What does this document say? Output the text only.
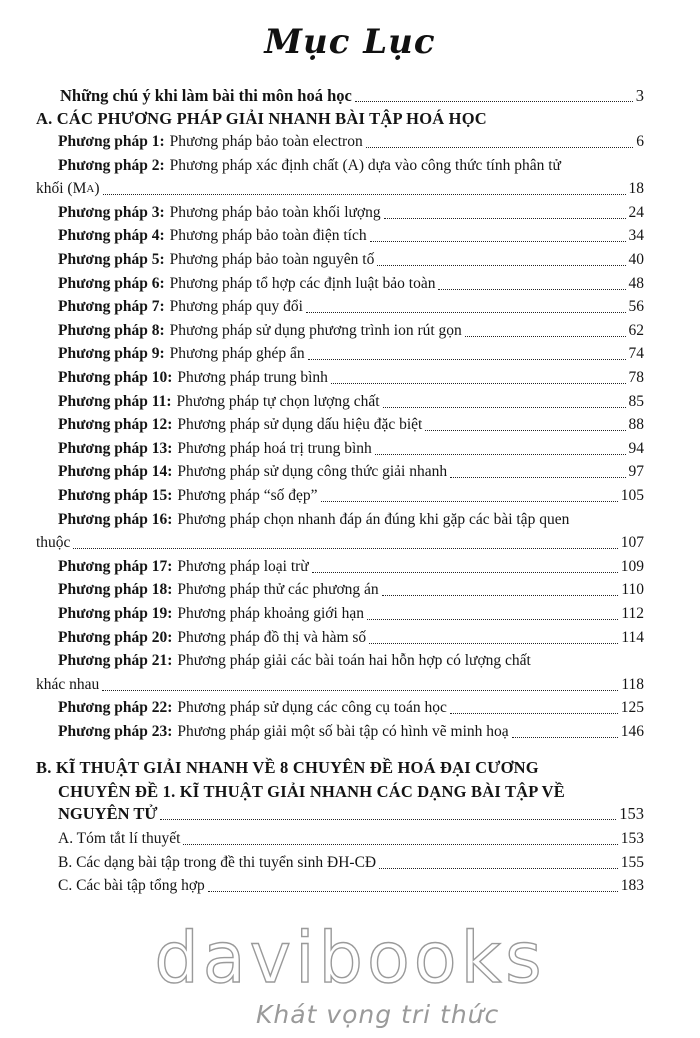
Mục Lục
Những chú ý khi làm bài thi môn hoá học	3
A. CÁC PHƯƠNG PHÁP GIẢI NHANH BÀI TẬP HOÁ HỌC
Phương pháp 1: Phương pháp bảo toàn electron	6
Phương pháp 2: Phương pháp xác định chất (A) dựa vào công thức tính phân tử
khối (M A )	18
Phương pháp 3: Phương pháp bảo toàn khối lượng	24
Phương pháp 4: Phương pháp bảo toàn điện tích	34
Phương pháp 5: Phương pháp bảo toàn nguyên tố	40
Phương pháp 6: Phương pháp tổ hợp các định luật bảo toàn	48
Phương pháp 7: Phương pháp quy đổi	56
Phương pháp 8: Phương pháp sử dụng phương trình ion rút gọn	62
Phương pháp 9: Phương pháp ghép ẩn	74
Phương pháp 10: Phương pháp trung bình	78
Phương pháp 11: Phương pháp tự chọn lượng chất	85
Phương pháp 12: Phương pháp sử dụng dấu hiệu đặc biệt	88
Phương pháp 13: Phương pháp hoá trị trung bình	94
Phương pháp 14: Phương pháp sử dụng công thức giải nhanh	97
Phương pháp 15: Phương pháp “số đẹp”	105
Phương pháp 16: Phương pháp chọn nhanh đáp án đúng khi gặp các bài tập quen
thuộc	107
Phương pháp 17: Phương pháp loại trừ	109
Phương pháp 18: Phương pháp thử các phương án	110
Phương pháp 19: Phương pháp khoảng giới hạn	112
Phương pháp 20: Phương pháp đồ thị và hàm số	114
Phương pháp 21: Phương pháp giải các bài toán hai hỗn hợp có lượng chất
khác nhau	118
Phương pháp 22: Phương pháp sử dụng các công cụ toán học	125
Phương pháp 23: Phương pháp giải một số bài tập có hình vẽ minh hoạ	146
B. KĨ THUẬT GIẢI NHANH VỀ 8 CHUYÊN ĐỀ HOÁ ĐẠI CƯƠNG
CHUYÊN ĐỀ 1. KĨ THUẬT GIẢI NHANH CÁC DẠNG BÀI TẬP VỀ
NGUYÊN TỬ	153
A. Tóm tắt lí thuyết	153
B. Các dạng bài tập trong đề thi tuyển sinh ĐH-CĐ	155
C. Các bài tập tổng hợp	183
davibooks
Khát vọng tri thức
